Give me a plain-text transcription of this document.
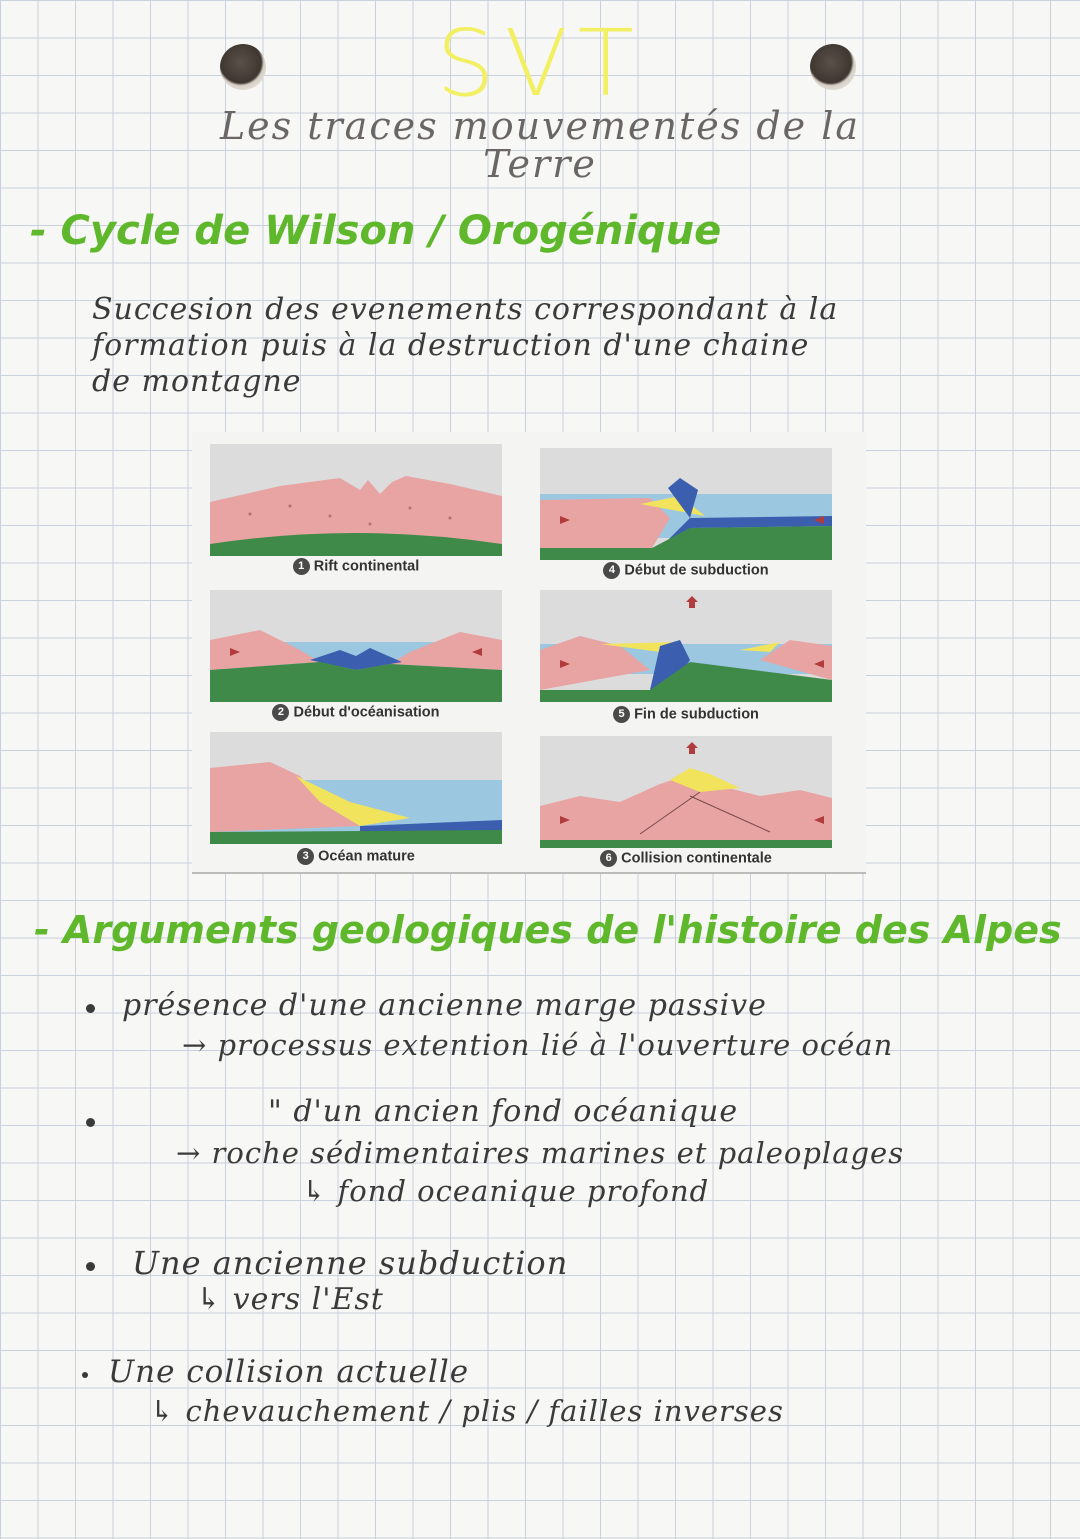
SVT
Les traces mouvementés de la
Terre
- Cycle de Wilson / Orogénique
Succesion des evenements correspondant à la
formation puis à la destruction d'une chaine
de montagne
1 Rift continental
2 Début d'océanisation
3 Océan mature
4 Début de subduction
5 Fin de subduction
6 Collision continentale
- Arguments geologiques de l'histoire des Alpes
présence d'une ancienne marge passive
→ processus extention lié à l'ouverture océan
" d'un ancien fond océanique
→ roche sédimentaires marines et paleoplages
↳ fond oceanique profond
Une ancienne subduction
↳ vers l'Est
Une collision actuelle
↳ chevauchement / plis / failles inverses
